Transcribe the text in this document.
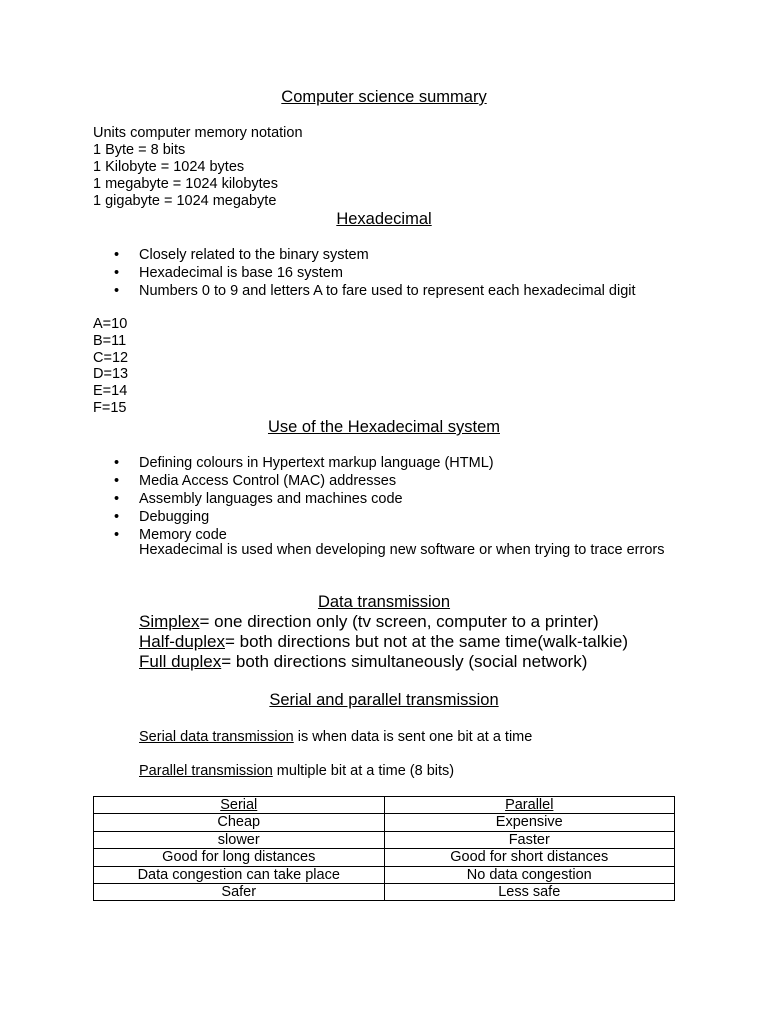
Computer science summary
Units computer memory notation
1 Byte = 8 bits
1 Kilobyte = 1024 bytes
1 megabyte = 1024 kilobytes
1 gigabyte = 1024 megabyte
Hexadecimal
• Closely related to the binary system
• Hexadecimal is base 16 system
• Numbers 0 to 9 and letters A to fare used to represent each hexadecimal digit
A=10
B=11
C=12
D=13
E=14
F=15
Use of the Hexadecimal system
• Defining colours in Hypertext markup language (HTML)
• Media Access Control (MAC) addresses
• Assembly languages and machines code
• Debugging
• Memory code
Hexadecimal is used when developing new software or when trying to trace errors
Data transmission
Simplex= one direction only (tv screen, computer to a printer)
Half-duplex= both directions but not at the same time(walk-talkie)
Full duplex= both directions simultaneously (social network)
Serial and parallel transmission
Serial data transmission is when data is sent one bit at a time
Parallel transmission multiple bit at a time (8 bits)
Serial	Parallel
Cheap	Expensive
slower	Faster
Good for long distances	Good for short distances
Data congestion can take place	No data congestion
Safer	Less safe
